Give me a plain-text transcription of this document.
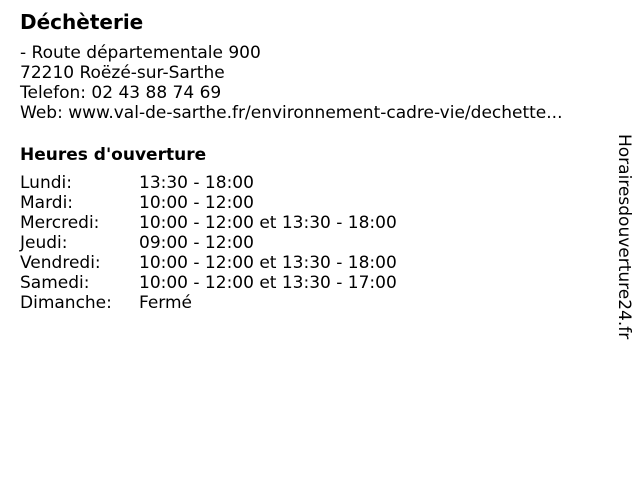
Déchèterie
- Route départementale 900
72210 Roëzé-sur-Sarthe
Telefon: 02 43 88 74 69
Web: www.val-de-sarthe.fr/environnement-cadre-vie/dechette...
Heures d'ouverture
Lundi:	13:30 - 18:00
Mardi:	10:00 - 12:00
Mercredi:	10:00 - 12:00 et 13:30 - 18:00
Jeudi:	09:00 - 12:00
Vendredi:	10:00 - 12:00 et 13:30 - 18:00
Samedi:	10:00 - 12:00 et 13:30 - 17:00
Dimanche:	Fermé	Horairesdouverture24.fr
